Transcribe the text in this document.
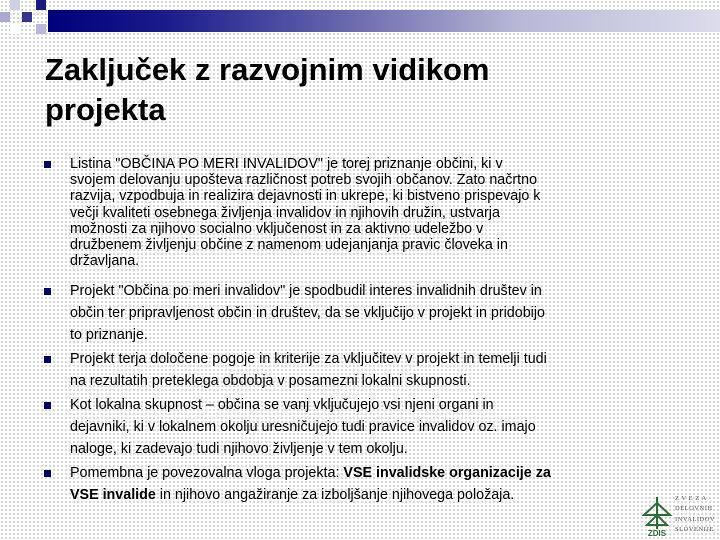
Zaključek z razvojnim vidikom
projekta
Listina "OBČINA PO MERI INVALIDOV" je torej priznanje občini, ki v
svojem delovanju upošteva različnost potreb svojih občanov. Zato načrtno
razvija, vzpodbuja in realizira dejavnosti in ukrepe, ki bistveno prispevajo k
večji kvaliteti osebnega življenja invalidov in njihovih družin, ustvarja
možnosti za njihovo socialno vključenost in za aktivno udeležbo v
družbenem življenju občine z namenom udejanjanja pravic človeka in
državljana.
Projekt "Občina po meri invalidov" je spodbudil interes invalidnih društev in
občin ter pripravljenost občin in društev, da se vključijo v projekt in pridobijo
to priznanje.
Projekt terja določene pogoje in kriterije za vključitev v projekt in temelji tudi
na rezultatih preteklega obdobja v posamezni lokalni skupnosti.
Kot lokalna skupnost – občina se vanj vključujejo vsi njeni organi in
dejavniki, ki v lokalnem okolju uresničujejo tudi pravice invalidov oz. imajo
naloge, ki zadevajo tudi njihovo življenje v tem okolju.
Pomembna je povezovalna vloga projekta: VSE invalidske organizacije za
VSE invalide in njihovo angažiranje za izboljšanje njihovega položaja.
ZDIS
Z V E Z A
DELOVNIH
INVALIDOV
SLOVENIJE
